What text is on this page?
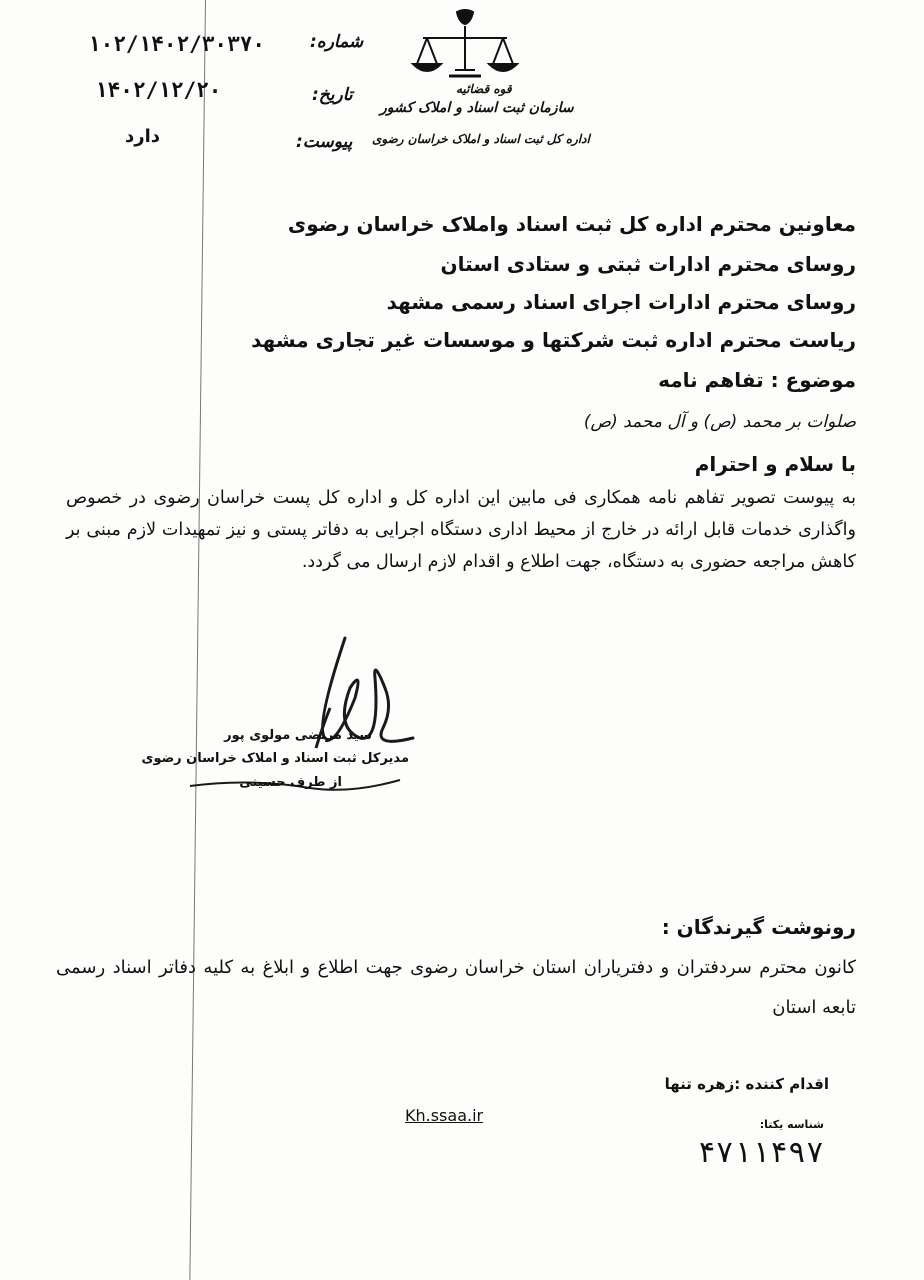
۱۰۲/۱۴۰۲/۳۰۳۷۰	شماره:
۱۴۰۲/۱۲/۲۰	تاریخ:
دارد	پیوست:
قوه قضائیه
سازمان ثبت اسناد و املاک کشور
اداره کل ثبت اسناد و املاک خراسان رضوی
معاونین محترم اداره کل ثبت اسناد واملاک خراسان رضوی
روسای محترم ادارات ثبتی و ستادی استان
روسای محترم ادارات اجرای اسناد رسمی مشهد
ریاست محترم اداره ثبت شرکتها و موسسات غیر تجاری مشهد
موضوع : تفاهم نامه
صلوات بر محمد (ص) و آل محمد (ص)
با سلام و احترام
به پیوست تصویر تفاهم نامه همکاری فی مابین این اداره کل و اداره کل پست خراسان رضوی در خصوص واگذاری خدمات قابل ارائه در خارج از محیط اداری دستگاه اجرایی به دفاتر پستی و نیز تمهیدات لازم مبنی بر کاهش مراجعه حضوری به دستگاه، جهت اطلاع و اقدام لازم ارسال می گردد.
سید مرتضی مولوی پور
مدیرکل ثبت اسناد و املاک خراسان رضوی
از طرف حسینی
رونوشت گیرندگان :
کانون محترم سردفتران و دفتریاران استان خراسان رضوی جهت اطلاع و ابلاغ به کلیه دفاتر اسناد رسمی تابعه استان
اقدام کننده :زهره تنها
Kh.ssaa.ir	شناسه یکتا:
۴۷۱۱۴۹۷
